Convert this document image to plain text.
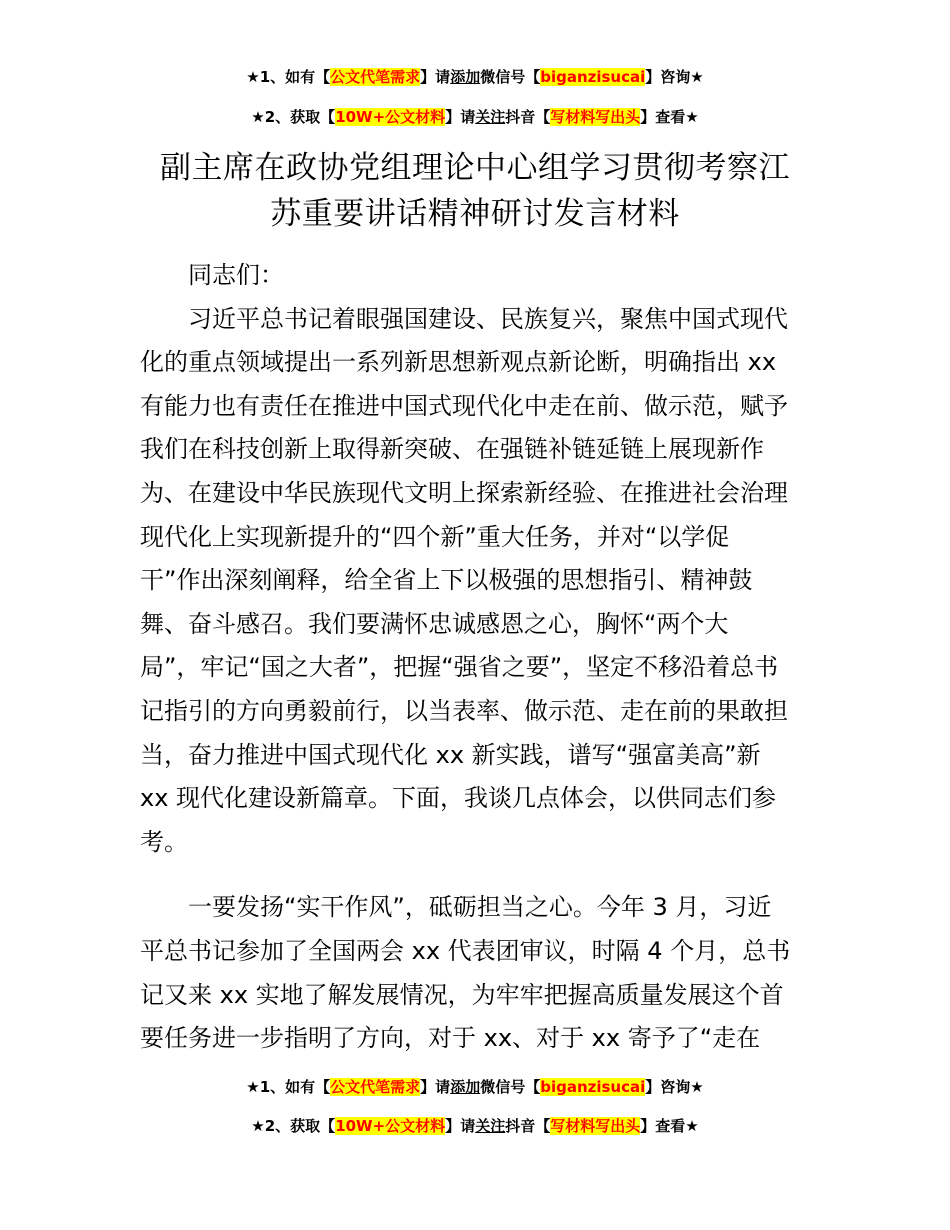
★1、如有【公文代笔需求】请添加微信号【biganzisucai】咨询★
★2、获取【10W+公文材料】请关注抖音【写材料写出头】查看★
副主席在政协党组理论中心组学习贯彻考察江
苏重要讲话精神研讨发言材料
　　同志们：
　　习近平总书记着眼强国建设、民族复兴，聚焦中国式现代
化的重点领域提出一系列新思想新观点新论断，明确指出 xx
有能力也有责任在推进中国式现代化中走在前、做示范，赋予
我们在科技创新上取得新突破、在强链补链延链上展现新作
为、在建设中华民族现代文明上探索新经验、在推进社会治理
现代化上实现新提升的“四个新”重大任务，并对“以学促
干”作出深刻阐释，给全省上下以极强的思想指引、精神鼓
舞、奋斗感召。我们要满怀忠诚感恩之心，胸怀“两个大
局”，牢记“国之大者”，把握“强省之要”，坚定不移沿着总书
记指引的方向勇毅前行，以当表率、做示范、走在前的果敢担
当，奋力推进中国式现代化 xx 新实践，谱写“强富美高”新
xx 现代化建设新篇章。下面，我谈几点体会，以供同志们参
考。
　　一要发扬“实干作风”，砥砺担当之心。今年 3 月，习近
平总书记参加了全国两会 xx 代表团审议，时隔 4 个月，总书
记又来 xx 实地了解发展情况，为牢牢把握高质量发展这个首
要任务进一步指明了方向，对于 xx、对于 xx 寄予了“走在
★1、如有【公文代笔需求】请添加微信号【biganzisucai】咨询★
★2、获取【10W+公文材料】请关注抖音【写材料写出头】查看★
